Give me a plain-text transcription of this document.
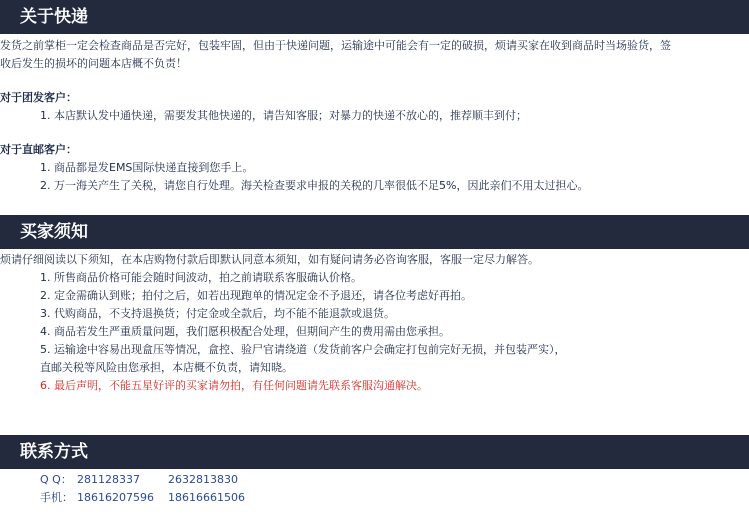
关于快递
发货之前掌柜一定会检查商品是否完好，包装牢固，但由于快递问题，运输途中可能会有一定的破损，烦请买家在收到商品时当场验货，签
收后发生的损坏的问题本店概不负责！
对于团发客户：
1. 本店默认发中通快递，需要发其他快递的，请告知客服；对暴力的快递不放心的，推荐顺丰到付；
对于直邮客户：
1. 商品都是发EMS国际快递直接到您手上。
2. 万一海关产生了关税，请您自行处理。海关检查要求申报的关税的几率很低不足5%，因此亲们不用太过担心。
买家须知
烦请仔细阅读以下须知，在本店购物付款后即默认同意本须知，如有疑问请务必咨询客服，客服一定尽力解答。
1. 所售商品价格可能会随时间波动，拍之前请联系客服确认价格。
2. 定金需确认到账；拍付之后，如若出现跑单的情况定金不予退还，请各位考虑好再拍。
3. 代购商品，不支持退换货；付定金或全款后，均不能不能退款或退货。
4. 商品若发生严重质量问题，我们愿积极配合处理，但期间产生的费用需由您承担。
5. 运输途中容易出现盒压等情况，盒控、验尸官请绕道（发货前客户会确定打包前完好无损，并包装严实），
直邮关税等风险由您承担，本店概不负责，请知晓。
6. 最后声明，不能五星好评的买家请勿拍，有任何问题请先联系客服沟通解决。
联系方式
Q Q： 281128337	2632813830
手机： 18616207596 18616661506
